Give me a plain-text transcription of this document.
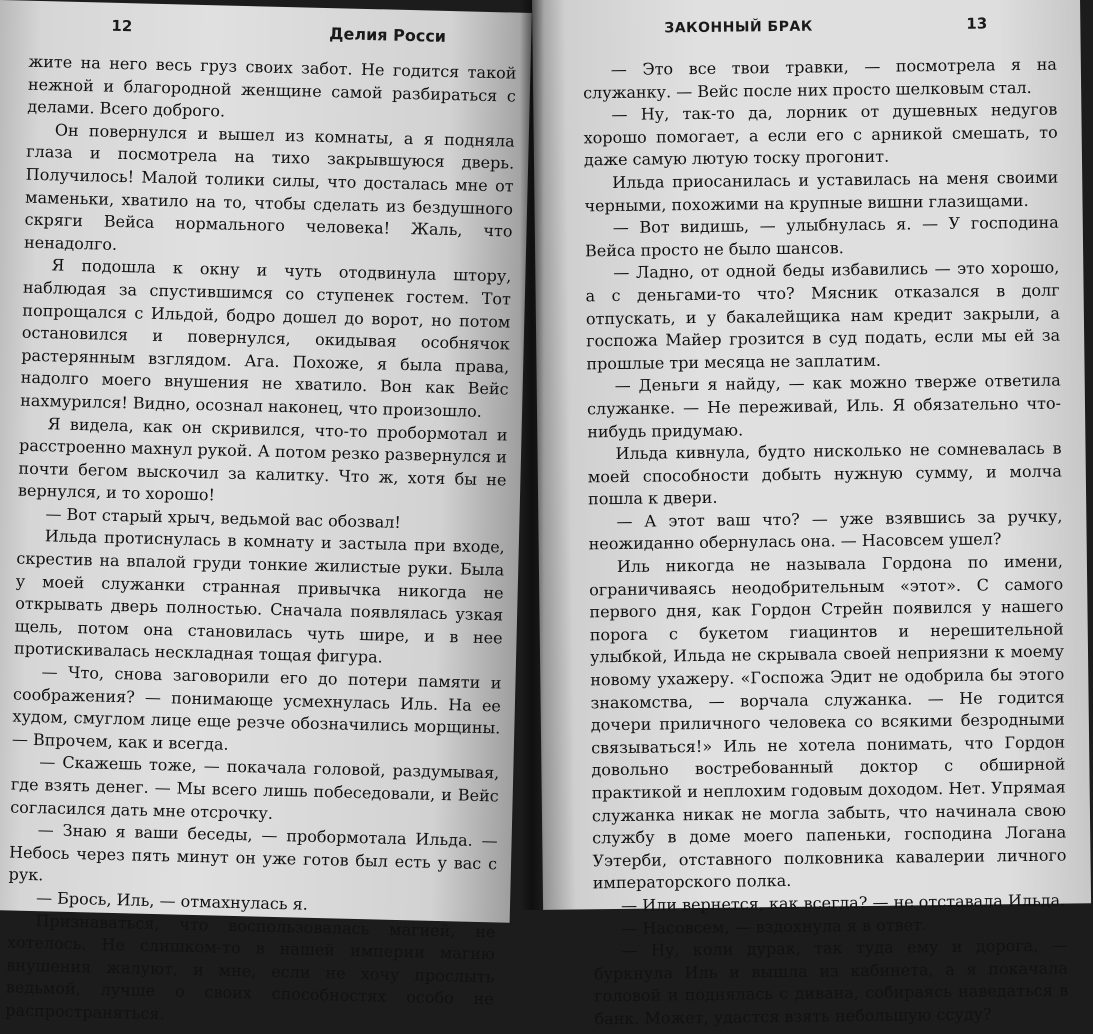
12	Делия Росси

жите на него весь груз своих забот. Не годится такой нежной и благородной женщине самой разбираться с делами. Всего доброго.

Он повернулся и вышел из комнаты, а я подняла глаза и посмотрела на тихо закрывшуюся дверь. Получилось! Малой толики силы, что досталась мне от маменьки, хватило на то, чтобы сделать из бездушного скряги Вейса нормального человека! Жаль, что ненадолго.

Я подошла к окну и чуть отодвинула штору, наблюдая за спустившимся со ступенек гостем. Тот попрощался с Ильдой, бодро дошел до ворот, но потом остановился и повернулся, окидывая особнячок растерянным взглядом. Ага. Похоже, я была права, надолго моего внушения не хватило. Вон как Вейс нахмурился! Видно, осознал наконец, что произошло.

Я видела, как он скривился, что-то пробормотал и расстроенно махнул рукой. А потом резко развернулся и почти бегом выскочил за калитку. Что ж, хотя бы не вернулся, и то хорошо!

— Вот старый хрыч, ведьмой вас обозвал!

Ильда протиснулась в комнату и застыла при входе, скрестив на впалой груди тонкие жилистые руки. Была у моей служанки странная привычка никогда не открывать дверь полностью. Сначала появлялась узкая щель, потом она становилась чуть шире, и в нее протискивалась нескладная тощая фигура.

— Что, снова заговорили его до потери памяти и соображения? — понимающе усмехнулась Иль. На ее худом, смуглом лице еще резче обозначились морщины. — Впрочем, как и всегда.

— Скажешь тоже, — покачала головой, раздумывая, где взять денег. — Мы всего лишь побеседовали, и Вейс согласился дать мне отсрочку.

— Знаю я ваши беседы, — пробормотала Ильда. — Небось через пять минут он уже готов был есть у вас с рук.

— Брось, Иль, — отмахнулась я.

Признаваться, что воспользовалась магией, не хотелось. Не слишком-то в нашей империи магию внушения жалуют, и мне, если не хочу прослыть ведьмой, лучше о своих способностях особо не распространяться.

ЗАКОННЫЙ БРАК	13

— Это все твои травки, — посмотрела я на служанку. — Вейс после них просто шелковым стал.

— Ну, так-то да, лорник от душевных недугов хорошо помогает, а если его с арникой смешать, то даже самую лютую тоску прогонит.

Ильда приосанилась и уставилась на меня своими черными, похожими на крупные вишни глазищами.

— Вот видишь, — улыбнулась я. — У господина Вейса просто не было шансов.

— Ладно, от одной беды избавились — это хорошо, а с деньгами-то что? Мясник отказался в долг отпускать, и у бакалейщика нам кредит закрыли, а госпожа Майер грозится в суд подать, если мы ей за прошлые три месяца не заплатим.

— Деньги я найду, — как можно тверже ответила служанке. — Не переживай, Иль. Я обязательно что-нибудь придумаю.

Ильда кивнула, будто нисколько не сомневалась в моей способности добыть нужную сумму, и молча пошла к двери.

— А этот ваш что? — уже взявшись за ручку, неожиданно обернулась она. — Насовсем ушел?

Иль никогда не называла Гордона по имени, ограничиваясь неодобрительным «этот». С самого первого дня, как Гордон Стрейн появился у нашего порога с букетом гиацинтов и нерешительной улыбкой, Ильда не скрывала своей неприязни к моему новому ухажеру. «Госпожа Эдит не одобрила бы этого знакомства, — ворчала служанка. — Не годится дочери приличного человека со всякими безродными связываться!» Иль не хотела понимать, что Гордон довольно востребованный доктор с обширной практикой и неплохим годовым доходом. Нет. Упрямая служанка никак не могла забыть, что начинала свою службу в доме моего папеньки, господина Логана Уэтерби, отставного полковника кавалерии личного императорского полка.

— Или вернется, как всегда? — не отставала Ильда.

— Насовсем, — вздохнула я в ответ.

— Ну, коли дурак, так туда ему и дорога, — буркнула Иль и вышла из кабинета, а я покачала головой и поднялась с дивана, собираясь наведаться в банк. Может, удастся взять небольшую ссуду?
